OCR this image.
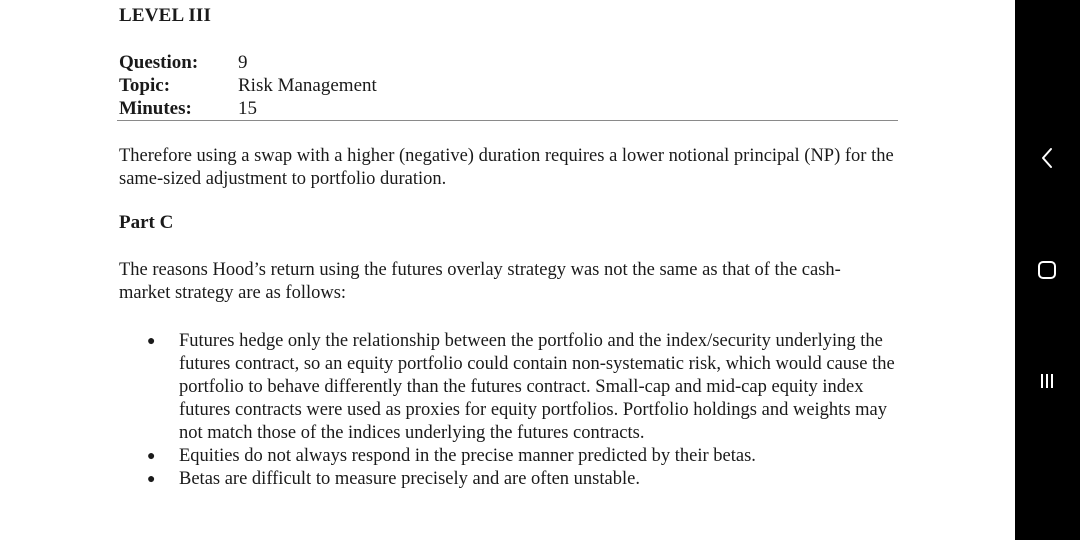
LEVEL III
Question: 9
Topic:	Risk Management
Minutes: 15

Therefore using a swap with a higher (negative) duration requires a lower notional principal (NP) for the same-sized adjustment to portfolio duration.

Part C

The reasons Hood’s return using the futures overlay strategy was not the same as that of the cash-market strategy are as follows:

● Futures hedge only the relationship between the portfolio and the index/security underlying the futures contract, so an equity portfolio could contain non-systematic risk, which would cause the portfolio to behave differently than the futures contract. Small-cap and mid-cap equity index futures contracts were used as proxies for equity portfolios. Portfolio holdings and weights may not match those of the indices underlying the futures contracts.
● Equities do not always respond in the precise manner predicted by their betas.
● Betas are difficult to measure precisely and are often unstable.
